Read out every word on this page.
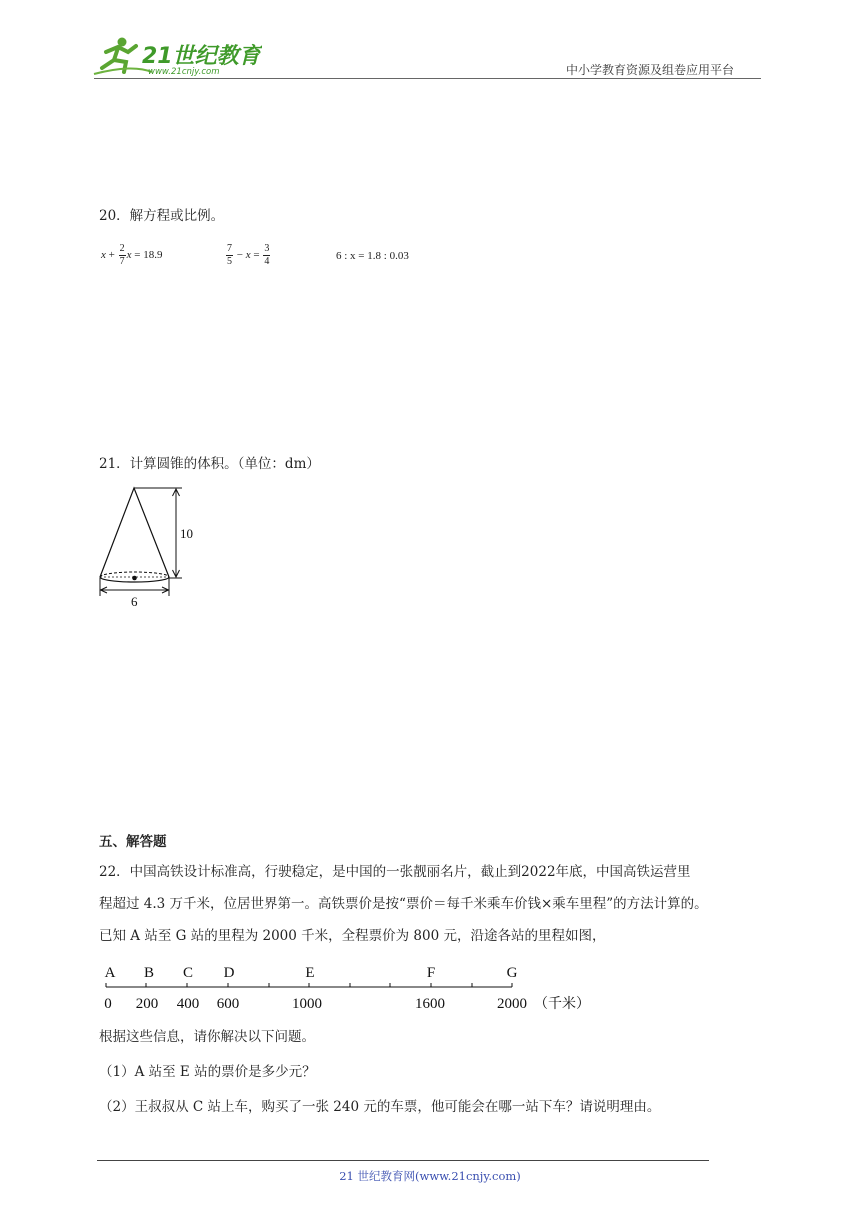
21世纪教育
www.21cnjy.com	中小学教育资源及组卷应用平台
20．解方程或比例。
$x + \frac{2}{7}$ x = 18.9	$\frac{7}{5} - x = \frac{3}{4}$	6 : x = 1.8 : 0.03
21．计算圆锥的体积。（单位：dm）
10
6
五、解答题
22．中国高铁设计标准高，行驶稳定，是中国的一张靓丽名片，截止到2022年底，中国高铁运营里
程超过 4.3 万千米，位居世界第一。高铁票价是按“票价＝每千米乘车价钱×乘车里程”的方法计算的。
已知 A 站至 G 站的里程为 2000 千米，全程票价为 800 元，沿途各站的里程如图，
A B C D	E	F	G
0 200 400 600	1000	1600	2000 （千米）
根据这些信息，请你解决以下问题。
（1）A 站至 E 站的票价是多少元？
（2）王叔叔从 C 站上车，购买了一张 240 元的车票，他可能会在哪一站下车？请说明理由。
21 世纪教育网(www.21cnjy.com)
